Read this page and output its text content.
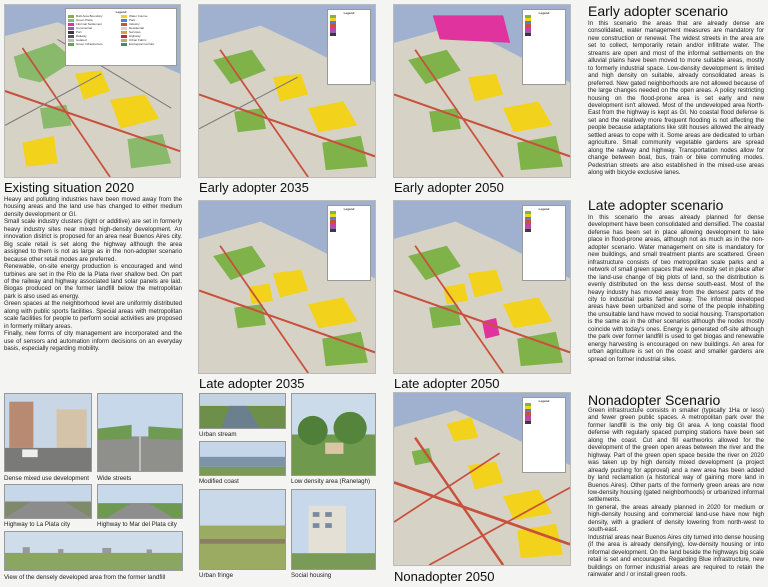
Legend
Built Area Boundary	Water Course
Green Plaza	Park
Informal Settlement	Industry
Commercial	Residential
Port	Services
Railway	Highway
Isolated	Urban Fabric
Green Infrastructure	Ecological Corridor
Legend	Legend
Legend	Legend
Legend
Existing situation 2020	Early adopter 2035	Early adopter 2050
Late adopter 2035	Late adopter 2050
Nonadopter 2050

Heavy and polluting industries have been moved away from the housing areas and the land use has changed to either medium density development or GI.

Small scale industry clusters (light or additive) are set in formerly heavy industry sites near mixed high-density development. An innovation district is proposed for an area near Buenos Aires city. Big scale retail is set along the highway although the area assigned to them is not as large as in the non-adopter scenario because other retail modes are preferred.

Renewable, on-site energy production is encouraged and wind turbines are set in the Río de la Plata river shallow bed. On part of the railway and highway associated land solar panels are laid. Biogas produced on the former landfill below the metropolitan park is also used as energy.

Green spaces at the neighborhood level are uniformly distributed along with public sports facilities. Special areas with metropolitan scale facilities for people to perform social activities are proposed in formerly military areas.

Finally, new forms of city management are incorporated and the use of sensors and automation inform decisions on an everyday basis, especially regarding mobility.

Early adopter scenario
In this scenario the areas that are already dense are consolidated, water management measures are mandatory for new construction or renewal. The widest streets in the area are set to collect, temporarily retain and/or infiltrate water. The streams are open and most of the informal settlements on the alluvial plains have been moved to more suitable areas, mostly to formerly industrial space. Low-density development is limited and high density on suitable, already consolidated areas is preferred. New gated neighborhoods are not allowed because of the large changes needed on the open areas. A policy restricting housing on the flood-prone area is set early and new development isn't allowed. Most of the undeveloped area North-East from the highway is kept as GI. No coastal flood defense is set and the relatively more frequent flooding is not affecting the people because adaptations like stilt houses allowed the already settled areas to cope with it. Some areas are dedicated to urban agriculture. Small community vegetable gardens are spread along the railway and highway. Transportation nodes allow for change between boat, bus, train or bike commuting modes. Pedestrian streets are also established in the mixed-use areas along with bicycle exclusive lanes.
Late adopter scenario
In this scenario the areas already planned for dense development have been consolidated and densified. The coastal defense has been set in place allowing development to take place in flood-prone areas, although not as much as in the non-adopter scenario. Water management on site is mandatory for new buildings, and small treatment plants are scattered. Green infrastructure consists of two metropolitan scale parks and a network of small green spaces that were mostly set in place after the land-use change of big plots of land, so the distribution is evenly distributed on the less dense south-east. Most of the heavy industry has moved away from the densest parts of the city to industrial parks farther away. The informal developed areas have been urbanized and some of the people inhabiting the unsuitable land have moved to social housing. Transportation is the same as in the other scenarios although the nodes mostly coincide with today's ones. Energy is generated off-site although the park over former landfill is used to get biogas and renewable energy harvesting is encouraged on new buildings. An area for urban agriculture is set on the coast and smaller gardens are spread on former industrial sites.
Nonadopter Scenario

Green infrastructure consists in smaller (typically 1Ha or less) and fewer green public spaces. A metropolitan park over the former landfill is the only big GI area. A long coastal flood defense with regularly spaced pumping stations have been set along the coast. Cut and fill earthworks allowed for the development of the green open areas between the river and the highway. Part of the green open space beside the river on 2020 was taken up by high density mixed development (a project already pushing for approval) and a new area has been added by land reclamation (a historical way of gaining more land in Buenos Aires). Other parts of the formerly green areas are now low-density housing (gated neighborhoods) or urbanized informal settlements.

In general, the areas already planned in 2020 for medium or high-density housing and commercial land-use have now high density, with a gradient of density lowering from north-west to south-east.

Industrial areas near Buenos Aires city turned into dense housing (if the area is already densifying), low-density housing or into informal development. On the land beside the highways big scale retail is set and encouraged. Regarding Blue infrastructure, new buildings on former industrial areas are required to retain the rainwater and / or install green roofs.

Dense mixed use development Wide streets
Highway to La Plata city	Highway to Mar del Plata city
View of the densely developed area from the former landfill
Urban stream
Modified coast	Low density area (Ranelagh)
Urban fringe	Social housing
